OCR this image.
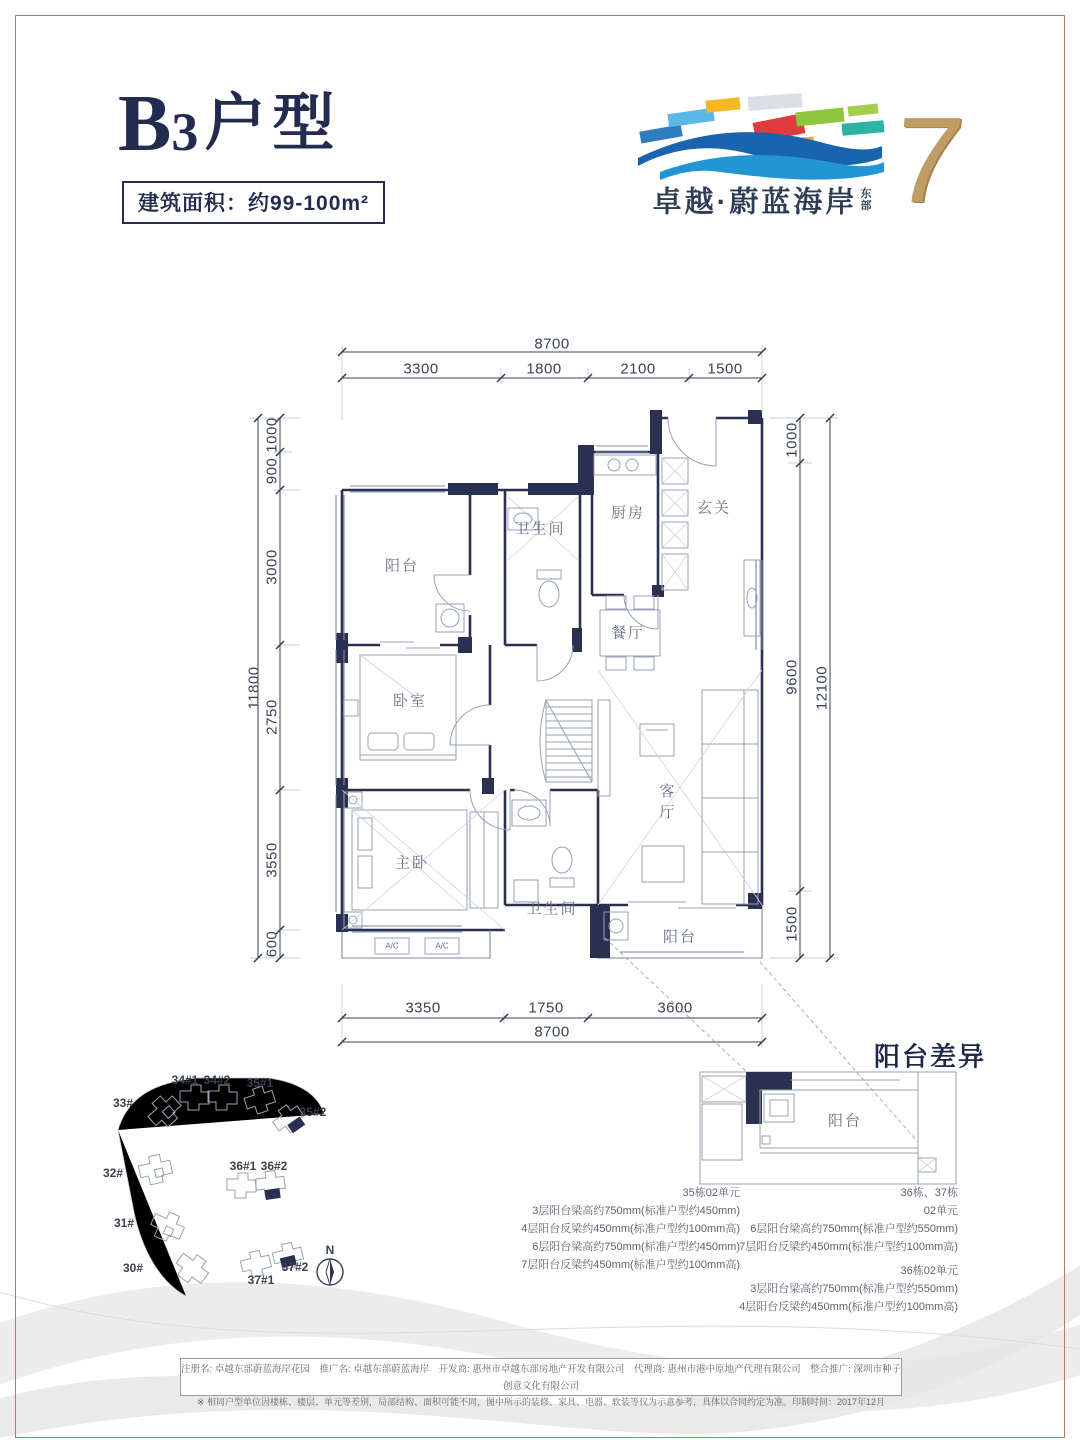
B3户型
建筑面积：约99-100m²	卓越·蔚蓝海岸 东部 7
8700
3300	1800	2100	1500
3350	1750	3600
8700
11800
1000
900
3000
2750
3550
600
1000
9600
1500
12100
阳台
卫生间
厨房	玄关
餐厅
卧室
客厅
主卧
卫生间
阳台
A/C	A/C
33#
34#1 34#2 35#1
35#2
32#	36#1 36#2
31#
30#
37#1
37#2
N
阳台差异
阳台
35栋02单元
3层阳台梁高约750mm(标准户型约450mm)
4层阳台反梁约450mm(标准户型约100mm高)
6层阳台梁高约750mm(标准户型约450mm)
7层阳台反梁约450mm(标准户型约100mm高)
36栋、37栋
02单元
6层阳台梁高约750mm(标准户型约550mm)
7层阳台反梁约450mm(标准户型约100mm高)
36栋02单元
3层阳台梁高约750mm(标准户型约550mm)
4层阳台反梁约450mm(标准户型约100mm高)
注册名: 卓越东部蔚蓝海岸花园　推广名: 卓越东部蔚蓝海岸　开发商: 惠州市卓越东部房地产开发有限公司　代理商: 惠州市港中原地产代理有限公司　整合推广: 深圳市种子创意文化有限公司
※ 相同户型单位因楼栋、楼层、单元等差别，局部结构、面积可能不同，图中所示的装修、家具、电器、软装等仅为示意参考，具体以合同约定为准。印制时间：2017年12月
